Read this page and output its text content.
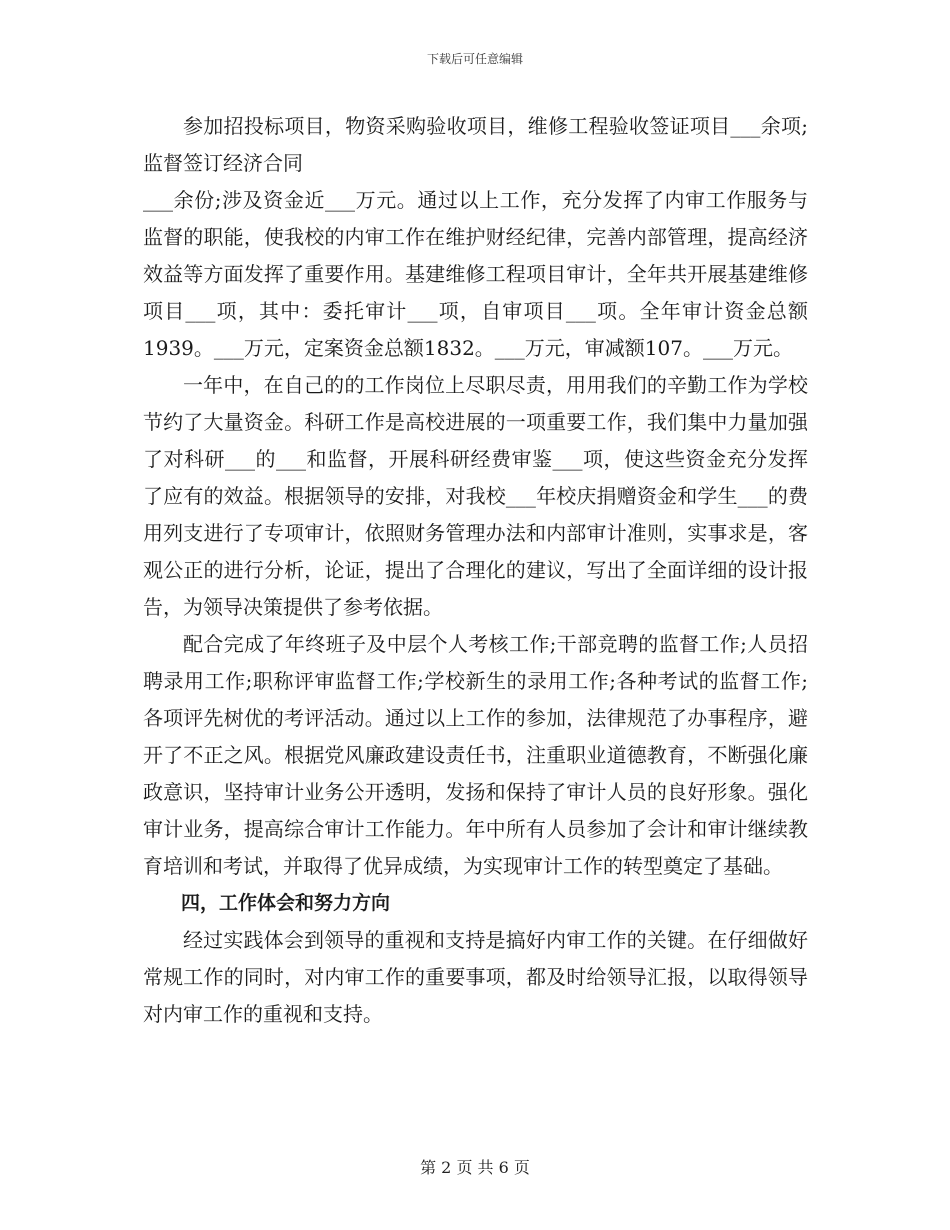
下载后可任意编辑

参加招投标项目，物资采购验收项目，维修工程验收签证项目___余项;监督签订经济合同

___余份;涉及资金近___万元。通过以上工作，充分发挥了内审工作服务与监督的职能，使我校的内审工作在维护财经纪律，完善内部管理，提高经济效益等方面发挥了重要作用。基建维修工程项目审计，全年共开展基建维修项目___项，其中：委托审计___项，自审项目___项。全年审计资金总额1939。___万元，定案资金总额1832。___万元，审减额107。___万元。

一年中，在自己的的工作岗位上尽职尽责，用用我们的辛勤工作为学校节约了大量资金。科研工作是高校进展的一项重要工作，我们集中力量加强了对科研___的___和监督，开展科研经费审鉴___项，使这些资金充分发挥了应有的效益。根据领导的安排，对我校___年校庆捐赠资金和学生___的费用列支进行了专项审计，依照财务管理办法和内部审计准则，实事求是，客观公正的进行分析，论证，提出了合理化的建议，写出了全面详细的设计报告，为领导决策提供了参考依据。

配合完成了年终班子及中层个人考核工作;干部竞聘的监督工作;人员招聘录用工作;职称评审监督工作;学校新生的录用工作;各种考试的监督工作;各项评先树优的考评活动。通过以上工作的参加，法律规范了办事程序，避开了不正之风。根据党风廉政建设责任书，注重职业道德教育，不断强化廉政意识，坚持审计业务公开透明，发扬和保持了审计人员的良好形象。强化审计业务，提高综合审计工作能力。年中所有人员参加了会计和审计继续教育培训和考试，并取得了优异成绩，为实现审计工作的转型奠定了基础。

四，工作体会和努力方向

经过实践体会到领导的重视和支持是搞好内审工作的关键。在仔细做好常规工作的同时，对内审工作的重要事项，都及时给领导汇报，以取得领导对内审工作的重视和支持。

第 2 页 共 6 页
